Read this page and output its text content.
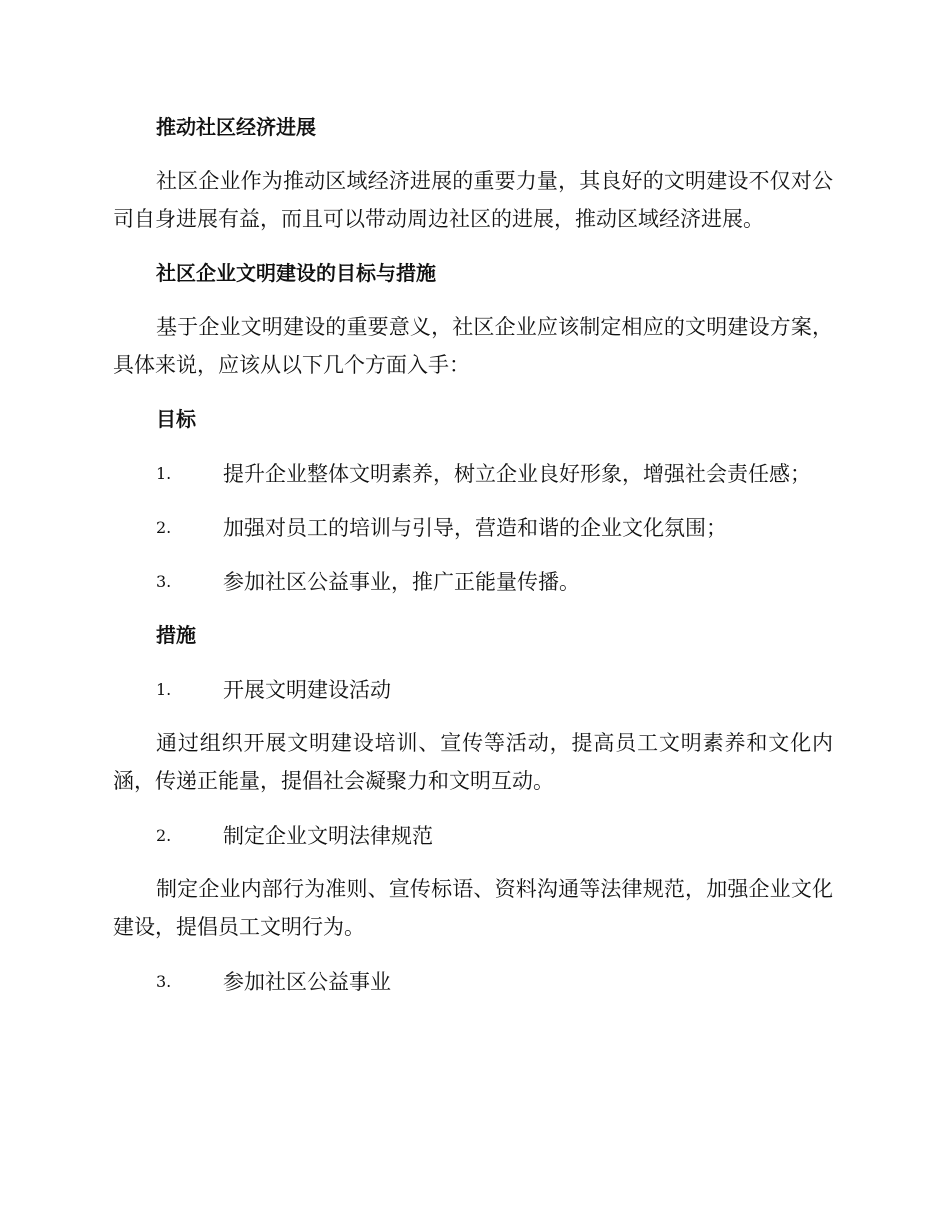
推动社区经济进展

社区企业作为推动区域经济进展的重要力量，其良好的文明建设不仅对公司自身进展有益，而且可以带动周边社区的进展，推动区域经济进展。

社区企业文明建设的目标与措施

基于企业文明建设的重要意义，社区企业应该制定相应的文明建设方案，具体来说，应该从以下几个方面入手：

目标
1.	提升企业整体文明素养，树立企业良好形象，增强社会责任感；
2.	加强对员工的培训与引导，营造和谐的企业文化氛围；
3.	参加社区公益事业，推广正能量传播。
措施
1.	开展文明建设活动

通过组织开展文明建设培训、宣传等活动，提高员工文明素养和文化内涵，传递正能量，提倡社会凝聚力和文明互动。

2.	制定企业文明法律规范

制定企业内部行为准则、宣传标语、资料沟通等法律规范，加强企业文化建设，提倡员工文明行为。

3.	参加社区公益事业
